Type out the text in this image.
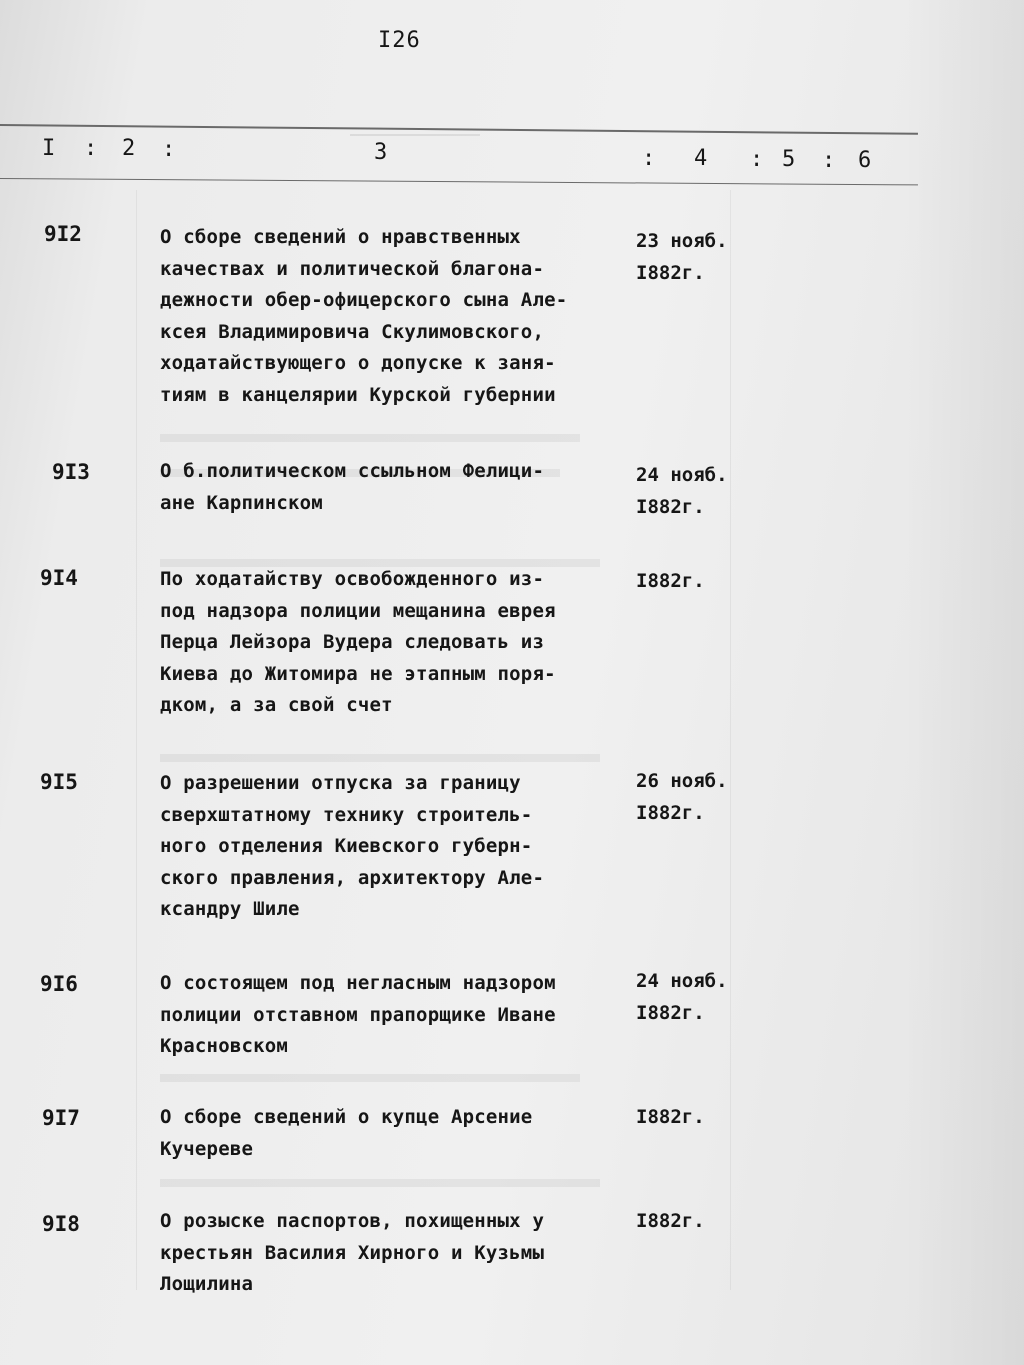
I26
I : 2 :	3	: 4 : 5 : 6
9I2	О сборе сведений о нравственных
качествах и политической благона-
дежности обер-офицерского сына Але-
ксея Владимировича Скулимовского,
ходатайствующего о допуске к заня-
тиям в канцелярии Курской губернии
23 нояб.
I882г.
9I3	О б.политическом ссыльном Фелици-
ане Карпинском
24 нояб.
I882г.
9I4	По ходатайству освобожденного из-
под надзора полиции мещанина еврея
Перца Лейзора Вудера следовать из
Киева до Житомира не этапным поря-
дком, а за свой счет
I882г.
9I5	О разрешении отпуска за границу
сверхштатному технику строитель-
ного отделения Киевского губерн-
ского правления, архитектору Але-
ксандру Шиле
26 нояб.
I882г.
9I6	О состоящем под негласным надзором
полиции отставном прапорщике Иване
Красновском
24 нояб.
I882г.
9I7	О сборе сведений о купце Арсение
Кучереве
I882г.
9I8	О розыске паспортов, похищенных у
крестьян Василия Хирного и Кузьмы
Лощилина
I882г.
